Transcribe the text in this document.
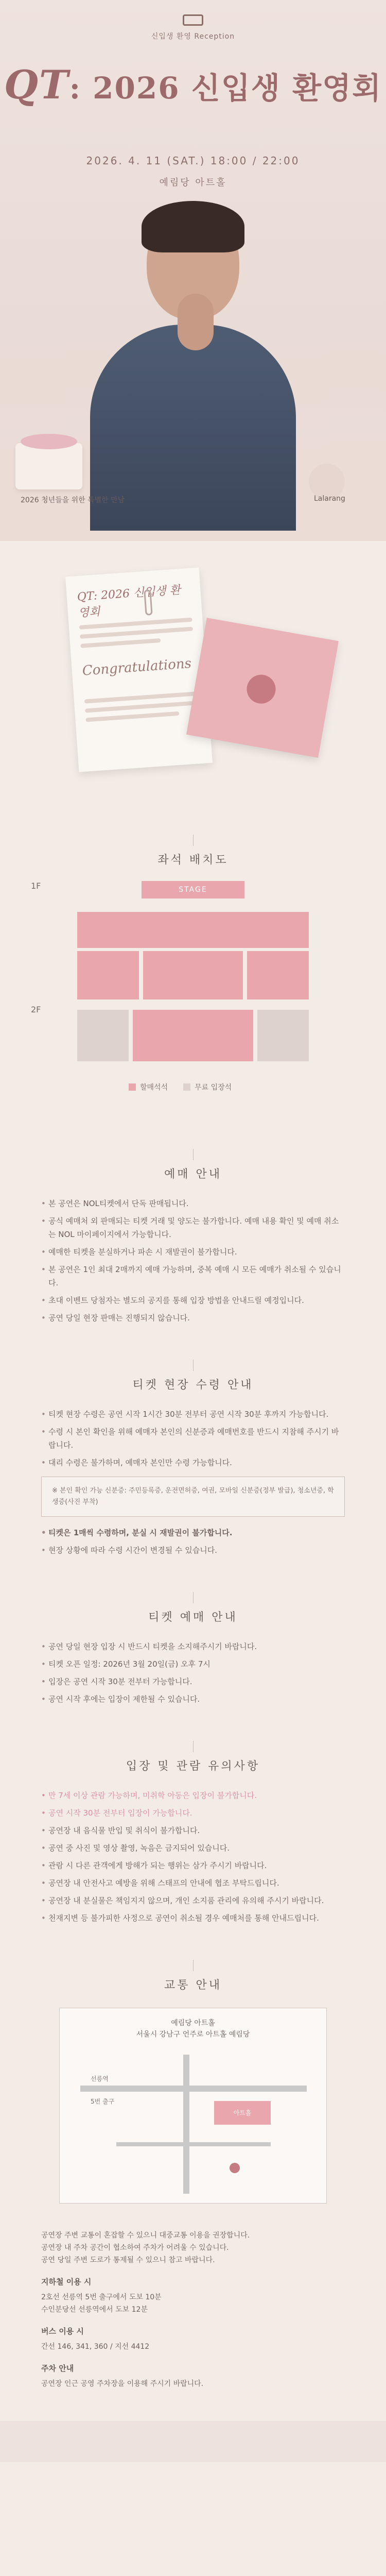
신입생 환영 Reception
QT: 2026 신입생 환영회
2026. 4. 11 (SAT.) 18:00 / 22:00
예림당 아트홀
2026 청년들을 위한 특별한 만남	Lalarang
QT: 2026 신입생 환영회
Congratulations
좌석 배치도
1F	STAGE
2F
할매석석	무료 입장석
예매 안내
• 본 공연은 NOL티켓에서 단독 판매됩니다.
• 공식 예매처 외 판매되는 티켓 거래 및 양도는 불가합니다. 예매 내용 확인 및 예매 취소는 NOL 마이페이지에서 가능합니다.
• 예매한 티켓을 분실하거나 파손 시 재발권이 불가합니다.
• 본 공연은 1인 최대 2매까지 예매 가능하며, 중복 예매 시 모든 예매가 취소될 수 있습니다.
• 초대 이벤트 당첨자는 별도의 공지를 통해 입장 방법을 안내드릴 예정입니다.
• 공연 당일 현장 판매는 진행되지 않습니다.
티켓 현장 수령 안내
• 티켓 현장 수령은 공연 시작 1시간 30분 전부터 공연 시작 30분 후까지 가능합니다.
• 수령 시 본인 확인을 위해 예매자 본인의 신분증과 예매번호를 반드시 지참해 주시기 바랍니다.
• 대리 수령은 불가하며, 예매자 본인만 수령 가능합니다.
※ 본인 확인 가능 신분증: 주민등록증, 운전면허증, 여권, 모바일 신분증(정부 발급), 청소년증, 학생증(사진 부착)
• 티켓은 1매씩 수령하며, 분실 시 재발권이 불가합니다.
• 현장 상황에 따라 수령 시간이 변경될 수 있습니다.
티켓 예매 안내
• 공연 당일 현장 입장 시 반드시 티켓을 소지해주시기 바랍니다.
• 티켓 오픈 일정: 2026년 3월 20일(금) 오후 7시
• 입장은 공연 시작 30분 전부터 가능합니다.
• 공연 시작 후에는 입장이 제한될 수 있습니다.
입장 및 관람 유의사항
• 만 7세 이상 관람 가능하며, 미취학 아동은 입장이 불가합니다.
• 공연 시작 30분 전부터 입장이 가능합니다.
• 공연장 내 음식물 반입 및 취식이 불가합니다.
• 공연 중 사진 및 영상 촬영, 녹음은 금지되어 있습니다.
• 관람 시 다른 관객에게 방해가 되는 행위는 삼가 주시기 바랍니다.
• 공연장 내 안전사고 예방을 위해 스태프의 안내에 협조 부탁드립니다.
• 공연장 내 분실물은 책임지지 않으며, 개인 소지품 관리에 유의해 주시기 바랍니다.
• 천재지변 등 불가피한 사정으로 공연이 취소될 경우 예매처를 통해 안내드립니다.
교통 안내
예림당 아트홀
서울시 강남구 언주로 아트홀 예림당
아트홀
선릉역
5번 출구
공연장 주변 교통이 혼잡할 수 있으니 대중교통 이용을 권장합니다.
공연장 내 주차 공간이 협소하여 주차가 어려울 수 있습니다.
공연 당일 주변 도로가 통제될 수 있으니 참고 바랍니다.
지하철 이용 시
2호선 선릉역 5번 출구에서 도보 10분
수인분당선 선릉역에서 도보 12분
버스 이용 시
간선 146, 341, 360 / 지선 4412
주차 안내
공연장 인근 공영 주차장을 이용해 주시기 바랍니다.
